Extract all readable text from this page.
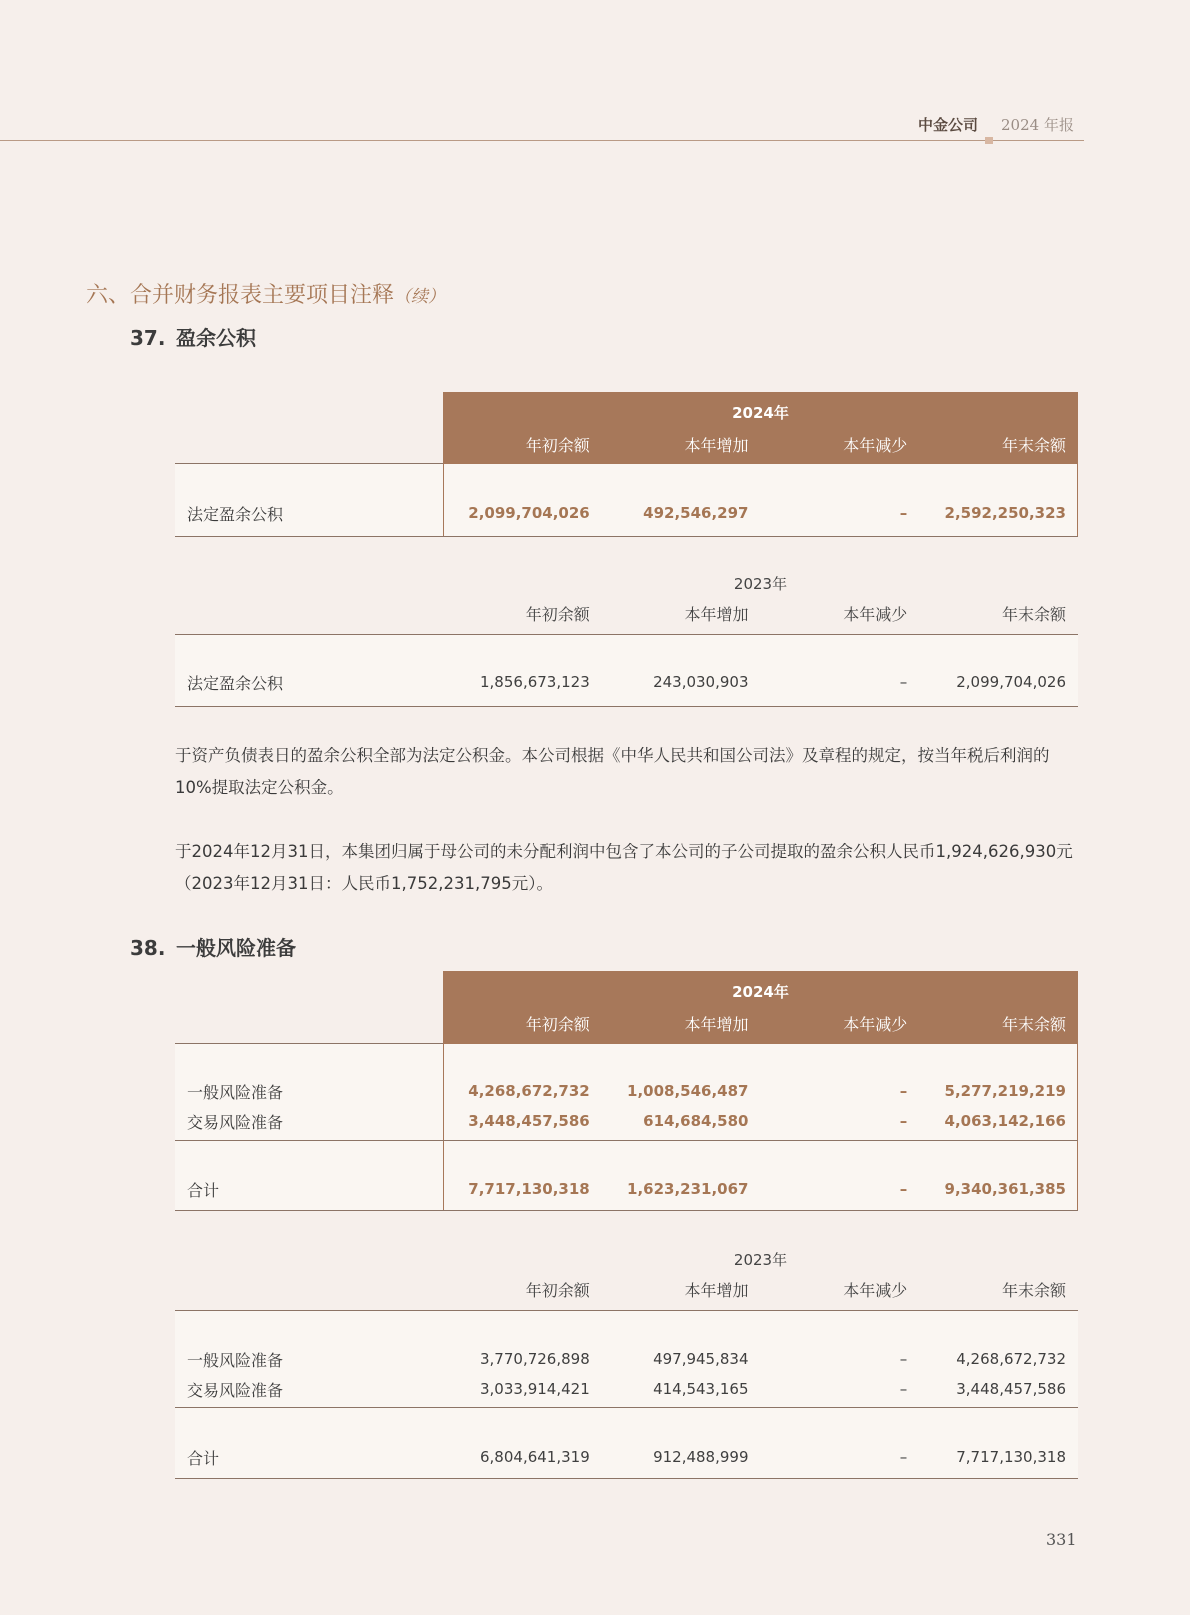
中金公司 2024 年报
六、合并财务报表主要项目注释（续）
37. 盈余公积
2024年
年初余额	本年增加	本年减少	年末余额
法定盈余公积	2,099,704,026	492,546,297	–	2,592,250,323
2023年
年初余额	本年增加	本年减少	年末余额
法定盈余公积	1,856,673,123	243,030,903	–	2,099,704,026
于资产负债表日的盈余公积全部为法定公积金。本公司根据《中华人民共和国公司法》及章程的规定，按当年税后利润的10%提取法定公积金。
于2024年12月31日，本集团归属于母公司的未分配利润中包含了本公司的子公司提取的盈余公积人民币1,924,626,930元（2023年12月31日：人民币1,752,231,795元）。
38. 一般风险准备
2024年
年初余额	本年增加	本年减少	年末余额
一般风险准备	4,268,672,732	1,008,546,487	–	5,277,219,219
交易风险准备	3,448,457,586	614,684,580	–	4,063,142,166
合计	7,717,130,318	1,623,231,067	–	9,340,361,385
2023年
年初余额	本年增加	本年减少	年末余额
一般风险准备	3,770,726,898	497,945,834	–	4,268,672,732
交易风险准备	3,033,914,421	414,543,165	–	3,448,457,586
合计	6,804,641,319	912,488,999	–	7,717,130,318
331
